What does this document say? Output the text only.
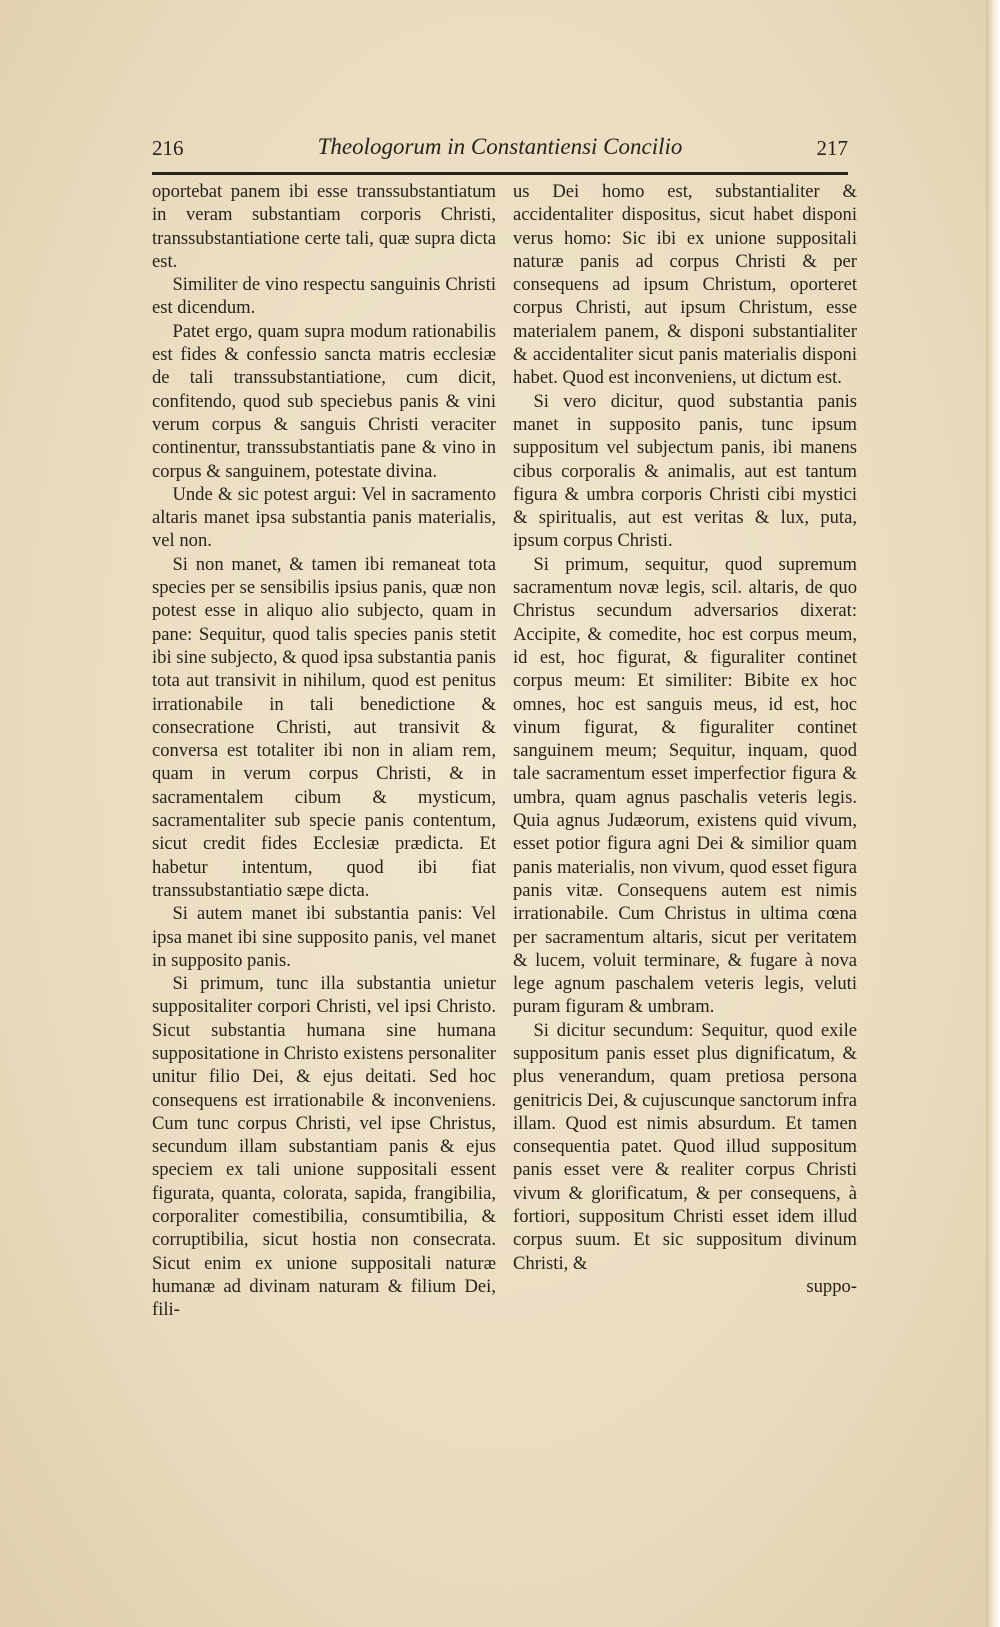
216	Theologorum in Constantiensi Concilio	217

oportebat panem ibi esse transsubstantiatum in veram substantiam corporis Christi, transsubstantiatione certe tali, quæ supra dicta est.

Similiter de vino respectu sanguinis Christi est dicendum.

Patet ergo, quam supra modum rationabilis est fides & confessio sancta matris ecclesiæ de tali transsubstantiatione, cum dicit, confitendo, quod sub speciebus panis & vini verum corpus & sanguis Christi veraciter continentur, transsubstantiatis pane & vino in corpus & sanguinem, potestate divina.

Unde & sic potest argui: Vel in sacramento altaris manet ipsa substantia panis materialis, vel non.

Si non manet, & tamen ibi remaneat tota species per se sensibilis ipsius panis, quæ non potest esse in aliquo alio subjecto, quam in pane: Sequitur, quod talis species panis stetit ibi sine subjecto, & quod ipsa substantia panis tota aut transivit in nihilum, quod est penitus irrationabile in tali benedictione & consecratione Christi, aut transivit & conversa est totaliter ibi non in aliam rem, quam in verum corpus Christi, & in sacramentalem cibum & mysticum, sacramentaliter sub specie panis contentum, sicut credit fides Ecclesiæ prædicta. Et habetur intentum, quod ibi fiat transsubstantiatio sæpe dicta.

Si autem manet ibi substantia panis: Vel ipsa manet ibi sine supposito panis, vel manet in supposito panis.

Si primum, tunc illa substantia unietur suppositaliter corpori Christi, vel ipsi Christo. Sicut substantia humana sine humana suppositatione in Christo existens personaliter unitur filio Dei, & ejus deitati. Sed hoc consequens est irrationabile & inconveniens. Cum tunc corpus Christi, vel ipse Christus, secundum illam substantiam panis & ejus speciem ex tali unione suppositali essent figurata, quanta, colorata, sapida, frangibilia, corporaliter comestibilia, consumtibilia, & corruptibilia, sicut hostia non consecrata. Sicut enim ex unione suppositali naturæ humanæ ad divinam naturam & filium Dei, fili-

us Dei homo est, substantialiter & accidentaliter dispositus, sicut habet disponi verus homo: Sic ibi ex unione suppositali naturæ panis ad corpus Christi & per consequens ad ipsum Christum, oporteret corpus Christi, aut ipsum Christum, esse materialem panem, & disponi substantialiter & accidentaliter sicut panis materialis disponi habet. Quod est inconveniens, ut dictum est.

Si vero dicitur, quod substantia panis manet in supposito panis, tunc ipsum suppositum vel subjectum panis, ibi manens cibus corporalis & animalis, aut est tantum figura & umbra corporis Christi cibi mystici & spiritualis, aut est veritas & lux, puta, ipsum corpus Christi.

Si primum, sequitur, quod supremum sacramentum novæ legis, scil. altaris, de quo Christus secundum adversarios dixerat: Accipite, & comedite, hoc est corpus meum, id est, hoc figurat, & figuraliter continet corpus meum: Et similiter: Bibite ex hoc omnes, hoc est sanguis meus, id est, hoc vinum figurat, & figuraliter continet sanguinem meum; Sequitur, inquam, quod tale sacramentum esset imperfectior figura & umbra, quam agnus paschalis veteris legis. Quia agnus Judæorum, existens quid vivum, esset potior figura agni Dei & similior quam panis materialis, non vivum, quod esset figura panis vitæ. Consequens autem est nimis irrationabile. Cum Christus in ultima cœna per sacramentum altaris, sicut per veritatem & lucem, voluit terminare, & fugare à nova lege agnum paschalem veteris legis, veluti puram figuram & umbram.

Si dicitur secundum: Sequitur, quod exile suppositum panis esset plus dignificatum, & plus venerandum, quam pretiosa persona genitricis Dei, & cujuscunque sanctorum infra illam. Quod est nimis absurdum. Et tamen consequentia patet. Quod illud suppositum panis esset vere & realiter corpus Christi vivum & glorificatum, & per consequens, à fortiori, suppositum Christi esset idem illud corpus suum. Et sic suppositum divinum Christi, &

suppo-
